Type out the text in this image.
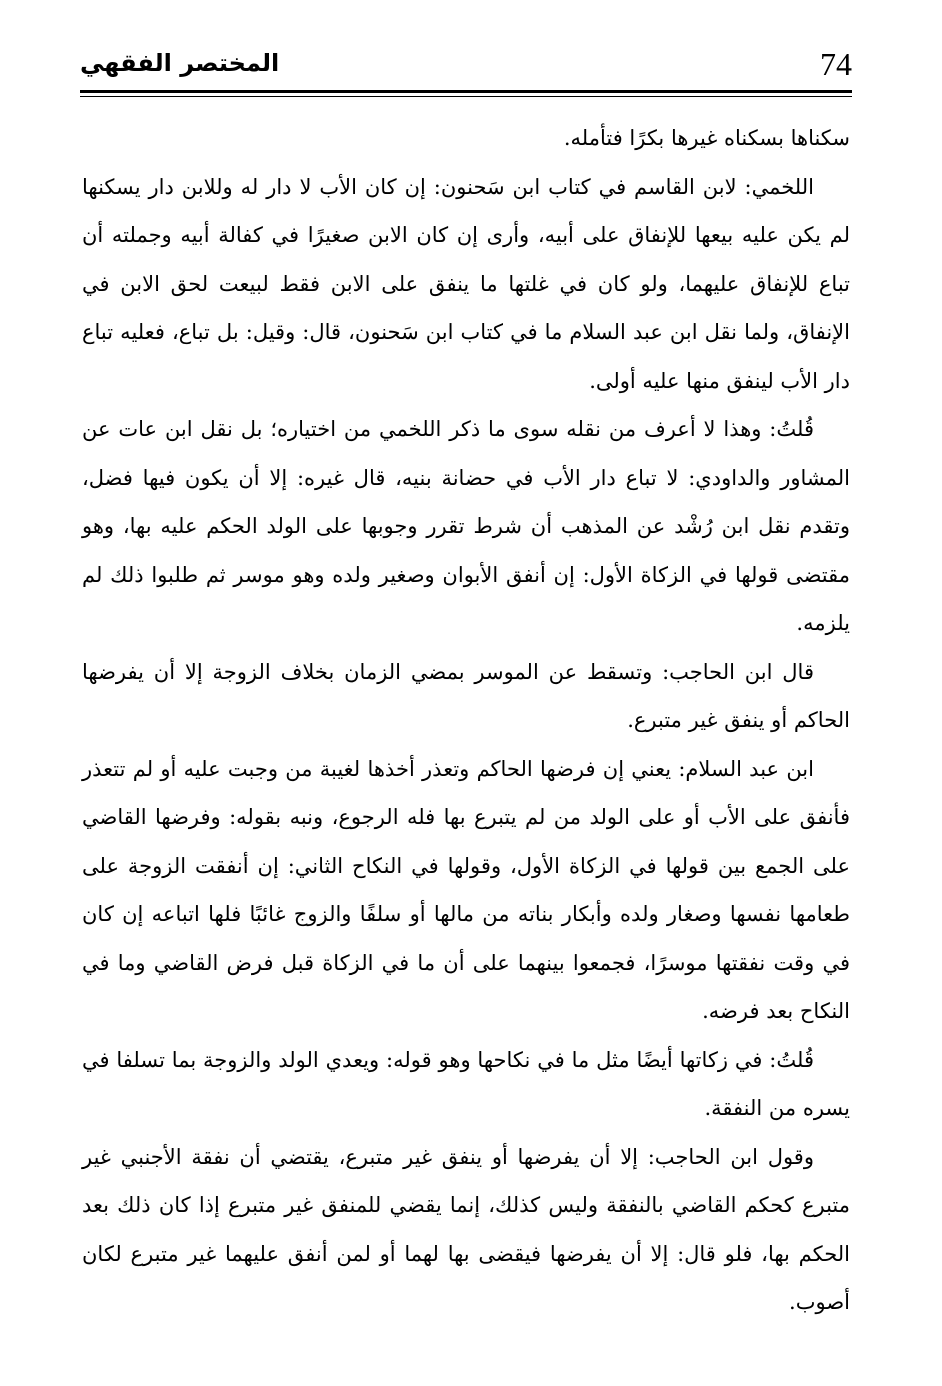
74
المختصر الفقهي

سكناها بسكناه غيرها بكرًا فتأمله.

اللخمي: لابن القاسم في كتاب ابن سَحنون: إن كان الأب لا دار له وللابن دار يسكنها لم يكن عليه بيعها للإنفاق على أبيه، وأرى إن كان الابن صغيرًا في كفالة أبيه وجملته أن تباع للإنفاق عليهما، ولو كان في غلتها ما ينفق على الابن فقط لبيعت لحق الابن في الإنفاق، ولما نقل ابن عبد السلام ما في كتاب ابن سَحنون، قال: وقيل: بل تباع، فعليه تباع دار الأب لينفق منها عليه أولى.

قُلتُ: وهذا لا أعرف من نقله سوى ما ذكر اللخمي من اختياره؛ بل نقل ابن عات عن المشاور والداودي: لا تباع دار الأب في حضانة بنيه، قال غيره: إلا أن يكون فيها فضل، وتقدم نقل ابن رُشْد عن المذهب أن شرط تقرر وجوبها على الولد الحكم عليه بها، وهو مقتضى قولها في الزكاة الأول: إن أنفق الأبوان وصغير ولده وهو موسر ثم طلبوا ذلك لم يلزمه.

قال ابن الحاجب: وتسقط عن الموسر بمضي الزمان بخلاف الزوجة إلا أن يفرضها الحاكم أو ينفق غير متبرع.

ابن عبد السلام: يعني إن فرضها الحاكم وتعذر أخذها لغيبة من وجبت عليه أو لم تتعذر فأنفق على الأب أو على الولد من لم يتبرع بها فله الرجوع، ونبه بقوله: وفرضها القاضي على الجمع بين قولها في الزكاة الأول، وقولها في النكاح الثاني: إن أنفقت الزوجة على طعامها نفسها وصغار ولده وأبكار بناته من مالها أو سلفًا والزوج غائبًا فلها اتباعه إن كان في وقت نفقتها موسرًا، فجمعوا بينهما على أن ما في الزكاة قبل فرض القاضي وما في النكاح بعد فرضه.

قُلتُ: في زكاتها أيضًا مثل ما في نكاحها وهو قوله: ويعدي الولد والزوجة بما تسلفا في يسره من النفقة.

وقول ابن الحاجب: إلا أن يفرضها أو ينفق غير متبرع، يقتضي أن نفقة الأجنبي غير متبرع كحكم القاضي بالنفقة وليس كذلك، إنما يقضي للمنفق غير متبرع إذا كان ذلك بعد الحكم بها، فلو قال: إلا أن يفرضها فيقضى بها لهما أو لمن أنفق عليهما غير متبرع لكان أصوب.
